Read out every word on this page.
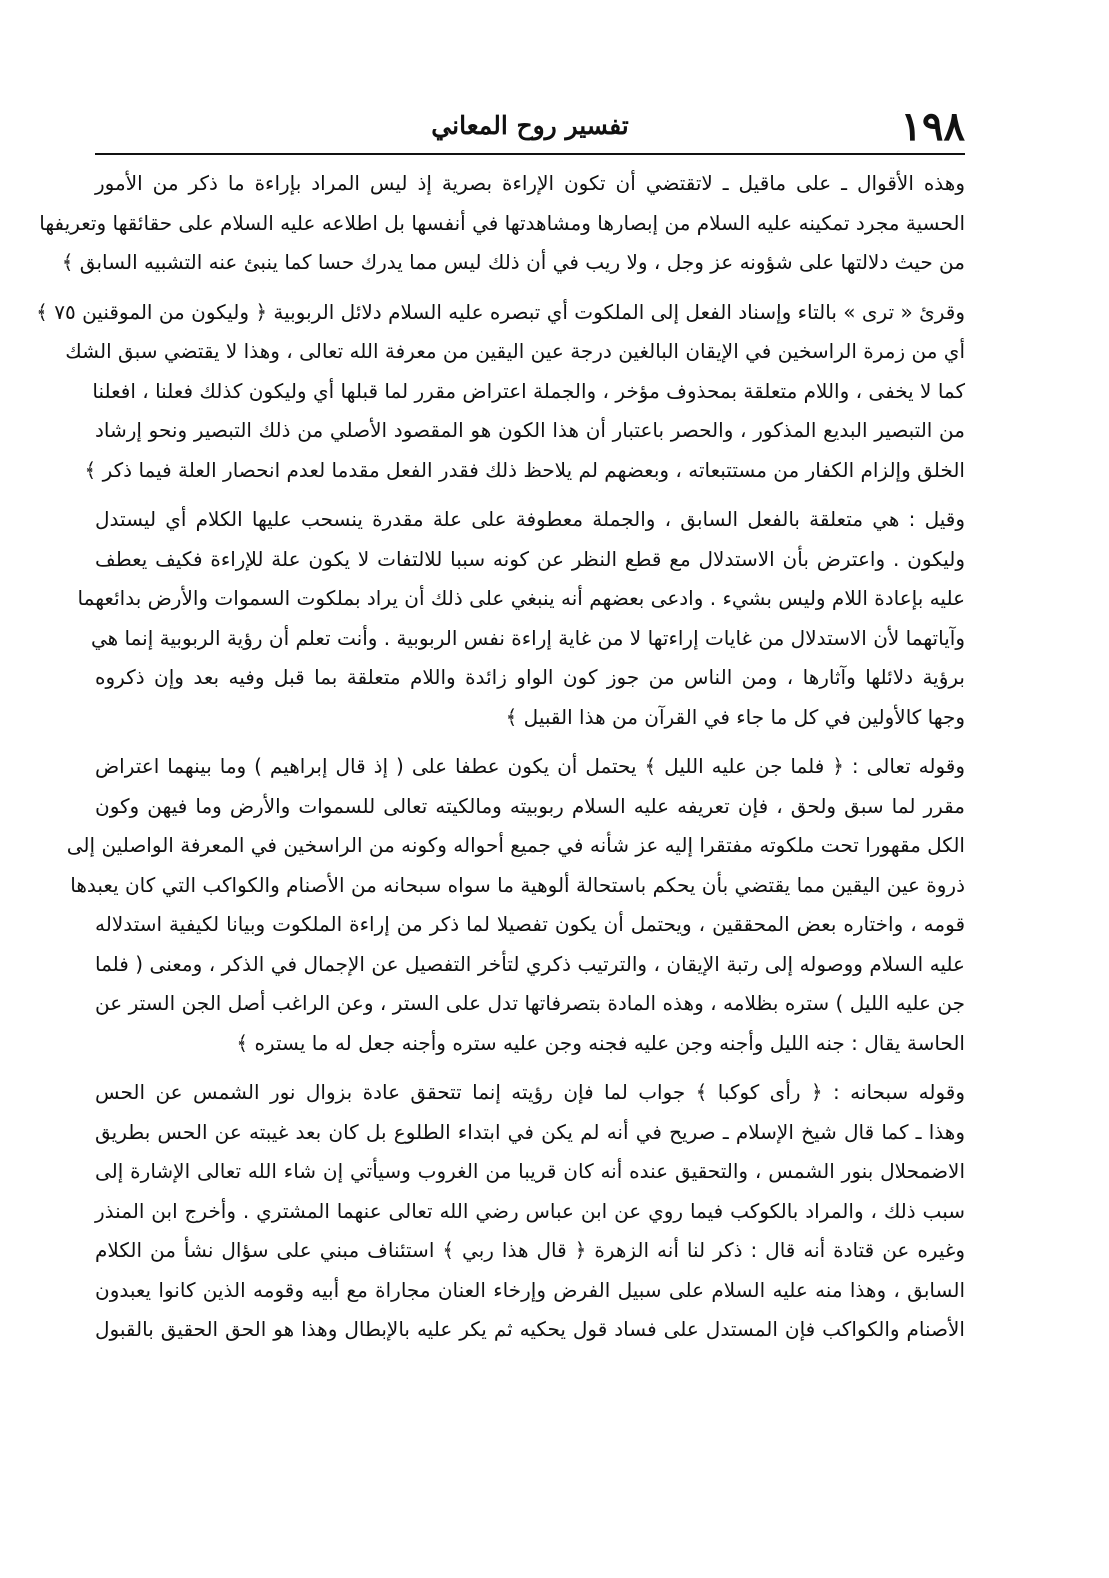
١٩٨
تفسير روح المعاني
وهذه الأقوال ـ على ماقيل ـ لاتقتضي أن تكون الإراءة بصرية إذ ليس المراد بإراءة ما ذكر من الأمور
الحسية مجرد تمكينه عليه السلام من إبصارها ومشاهدتها في أنفسها بل اطلاعه عليه السلام على حقائقها وتعريفها
من حيث دلالتها على شؤونه عز وجل ، ولا ريب في أن ذلك ليس مما يدرك حسا كما ينبئ عنه التشبيه السابق ﴾
وقرئ « ترى » بالتاء وإسناد الفعل إلى الملكوت أي تبصره عليه السلام دلائل الربوبية ﴿ وليكون من الموقنين ٧٥ ﴾
أي من زمرة الراسخين في الإيقان البالغين درجة عين اليقين من معرفة الله تعالى ، وهذا لا يقتضي سبق الشك
كما لا يخفى ، واللام متعلقة بمحذوف مؤخر ، والجملة اعتراض مقرر لما قبلها أي وليكون كذلك فعلنا ، افعلنا
من التبصير البديع المذكور ، والحصر باعتبار أن هذا الكون هو المقصود الأصلي من ذلك التبصير ونحو إرشاد
الخلق وإلزام الكفار من مستتبعاته ، وبعضهم لم يلاحظ ذلك فقدر الفعل مقدما لعدم انحصار العلة فيما ذكر ﴾
وقيل : هي متعلقة بالفعل السابق ، والجملة معطوفة على علة مقدرة ينسحب عليها الكلام أي ليستدل
وليكون . واعترض بأن الاستدلال مع قطع النظر عن كونه سببا للالتفات لا يكون علة للإراءة فكيف يعطف
عليه بإعادة اللام وليس بشيء . وادعى بعضهم أنه ينبغي على ذلك أن يراد بملكوت السموات والأرض بدائعهما
وآياتهما لأن الاستدلال من غايات إراءتها لا من غاية إراءة نفس الربوبية . وأنت تعلم أن رؤية الربوبية إنما هي
برؤية دلائلها وآثارها ، ومن الناس من جوز كون الواو زائدة واللام متعلقة بما قبل وفيه بعد وإن ذكروه
وجها كالأولين في كل ما جاء في القرآن من هذا القبيل ﴾
وقوله تعالى : ﴿ فلما جن عليه الليل ﴾ يحتمل أن يكون عطفا على ( إذ قال إبراهيم ) وما بينهما اعتراض
مقرر لما سبق ولحق ، فإن تعريفه عليه السلام ربوبيته ومالكيته تعالى للسموات والأرض وما فيهن وكون
الكل مقهورا تحت ملكوته مفتقرا إليه عز شأنه في جميع أحواله وكونه من الراسخين في المعرفة الواصلين إلى
ذروة عين اليقين مما يقتضي بأن يحكم باستحالة ألوهية ما سواه سبحانه من الأصنام والكواكب التي كان يعبدها
قومه ، واختاره بعض المحققين ، ويحتمل أن يكون تفصيلا لما ذكر من إراءة الملكوت وبيانا لكيفية استدلاله
عليه السلام ووصوله إلى رتبة الإيقان ، والترتيب ذكري لتأخر التفصيل عن الإجمال في الذكر ، ومعنى ( فلما
جن عليه الليل ) ستره بظلامه ، وهذه المادة بتصرفاتها تدل على الستر ، وعن الراغب أصل الجن الستر عن
الحاسة يقال : جنه الليل وأجنه وجن عليه فجنه وجن عليه ستره وأجنه جعل له ما يستره ﴾
وقوله سبحانه : ﴿ رأى كوكبا ﴾ جواب لما فإن رؤيته إنما تتحقق عادة بزوال نور الشمس عن الحس
وهذا ـ كما قال شيخ الإسلام ـ صريح في أنه لم يكن في ابتداء الطلوع بل كان بعد غيبته عن الحس بطريق
الاضمحلال بنور الشمس ، والتحقيق عنده أنه كان قريبا من الغروب وسيأتي إن شاء الله تعالى الإشارة إلى
سبب ذلك ، والمراد بالكوكب فيما روي عن ابن عباس رضي الله تعالى عنهما المشتري . وأخرج ابن المنذر
وغيره عن قتادة أنه قال : ذكر لنا أنه الزهرة ﴿ قال هذا ربي ﴾ استئناف مبني على سؤال نشأ من الكلام
السابق ، وهذا منه عليه السلام على سبيل الفرض وإرخاء العنان مجاراة مع أبيه وقومه الذين كانوا يعبدون
الأصنام والكواكب فإن المستدل على فساد قول يحكيه ثم يكر عليه بالإبطال وهذا هو الحق الحقيق بالقبول
